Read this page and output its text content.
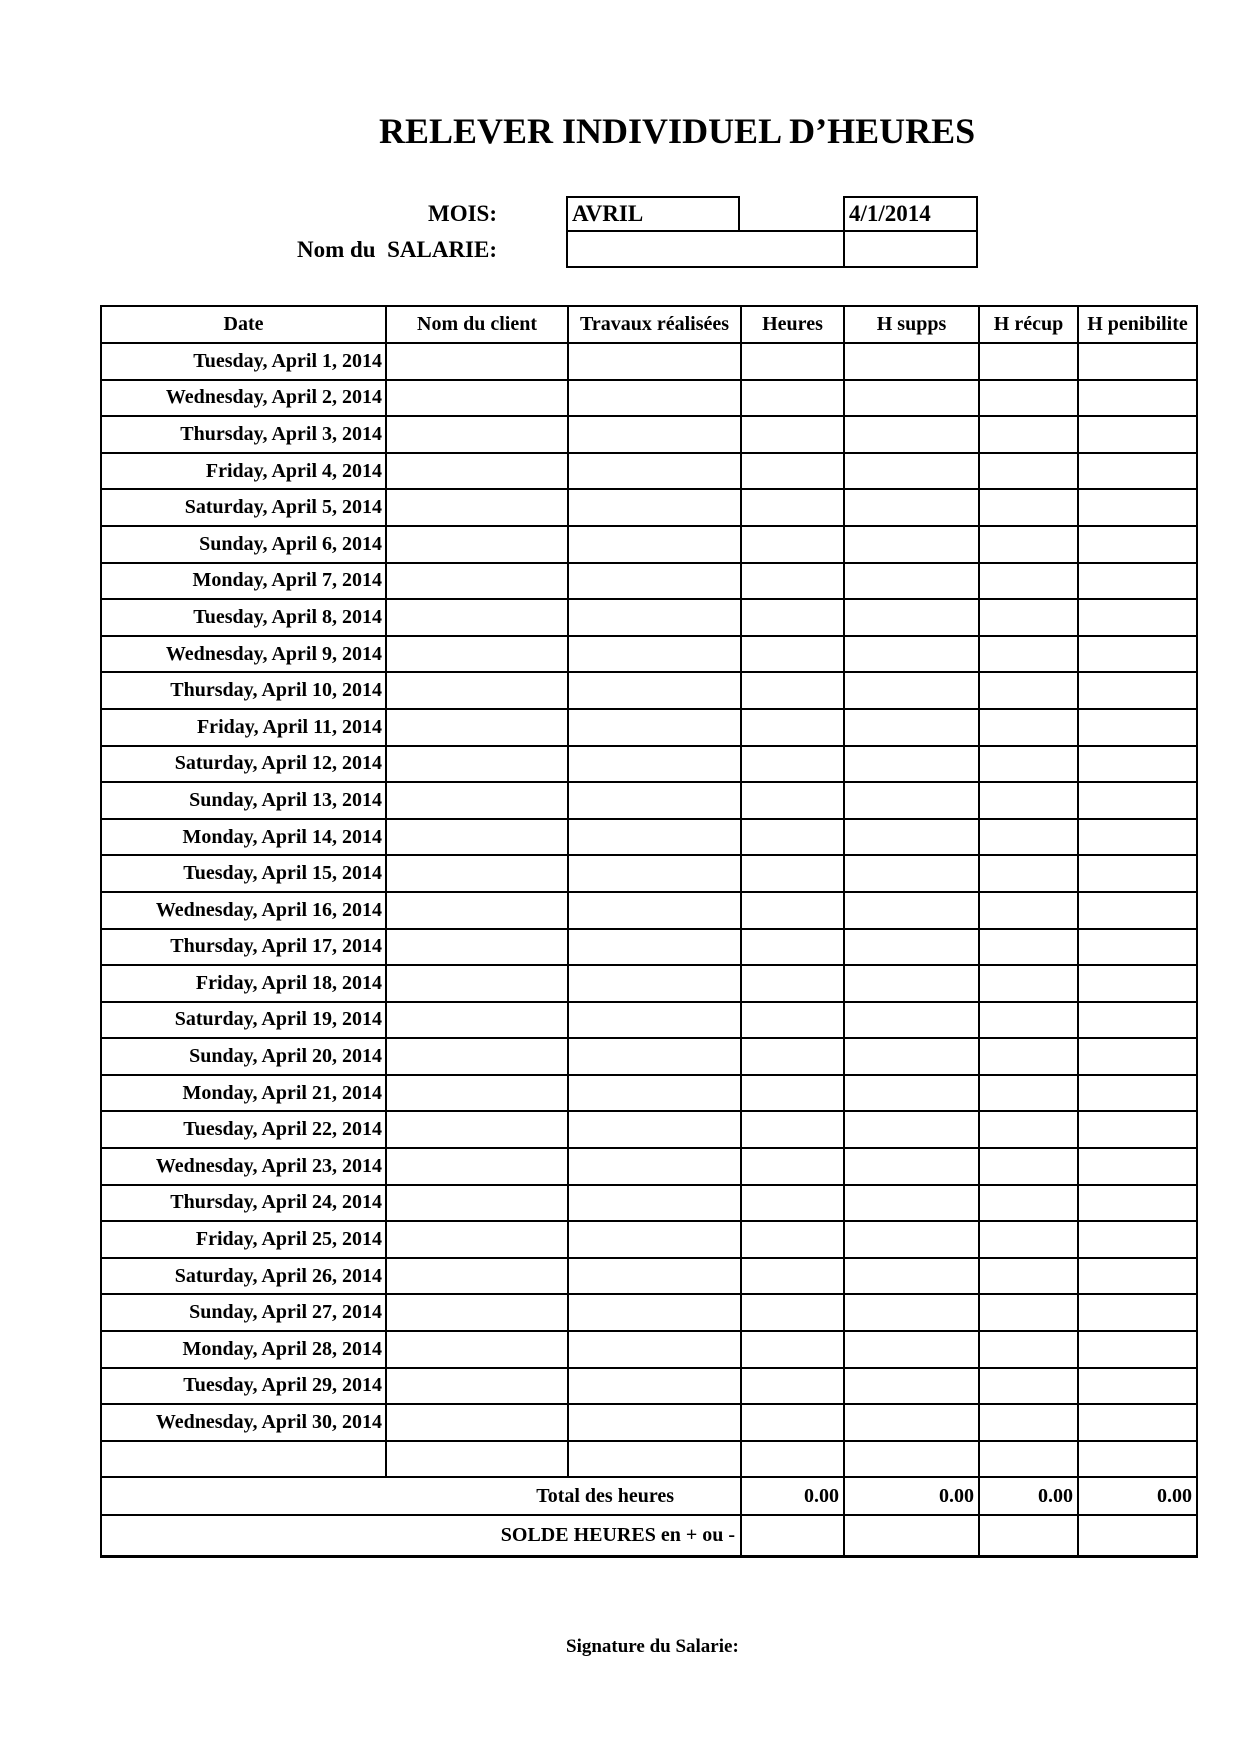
RELEVER INDIVIDUEL D’HEURES
MOIS:
Nom du  SALARIE:
AVRIL	4/1/2014
Date	Nom du client	Travaux réalisées	Heures	H supps	H récup	H penibilite
Tuesday, April 1, 2014						
Wednesday, April 2, 2014						
Thursday, April 3, 2014						
Friday, April 4, 2014						
Saturday, April 5, 2014						
Sunday, April 6, 2014						
Monday, April 7, 2014						
Tuesday, April 8, 2014						
Wednesday, April 9, 2014						
Thursday, April 10, 2014						
Friday, April 11, 2014						
Saturday, April 12, 2014						
Sunday, April 13, 2014						
Monday, April 14, 2014						
Tuesday, April 15, 2014						
Wednesday, April 16, 2014						
Thursday, April 17, 2014						
Friday, April 18, 2014						
Saturday, April 19, 2014						
Sunday, April 20, 2014						
Monday, April 21, 2014						
Tuesday, April 22, 2014						
Wednesday, April 23, 2014						
Thursday, April 24, 2014						
Friday, April 25, 2014						
Saturday, April 26, 2014						
Sunday, April 27, 2014						
Monday, April 28, 2014						
Tuesday, April 29, 2014						
Wednesday, April 30, 2014						

Total des heures			0.00	0.00	0.00	0.00
SOLDE HEURES en + ou -						
Signature du Salarie:
